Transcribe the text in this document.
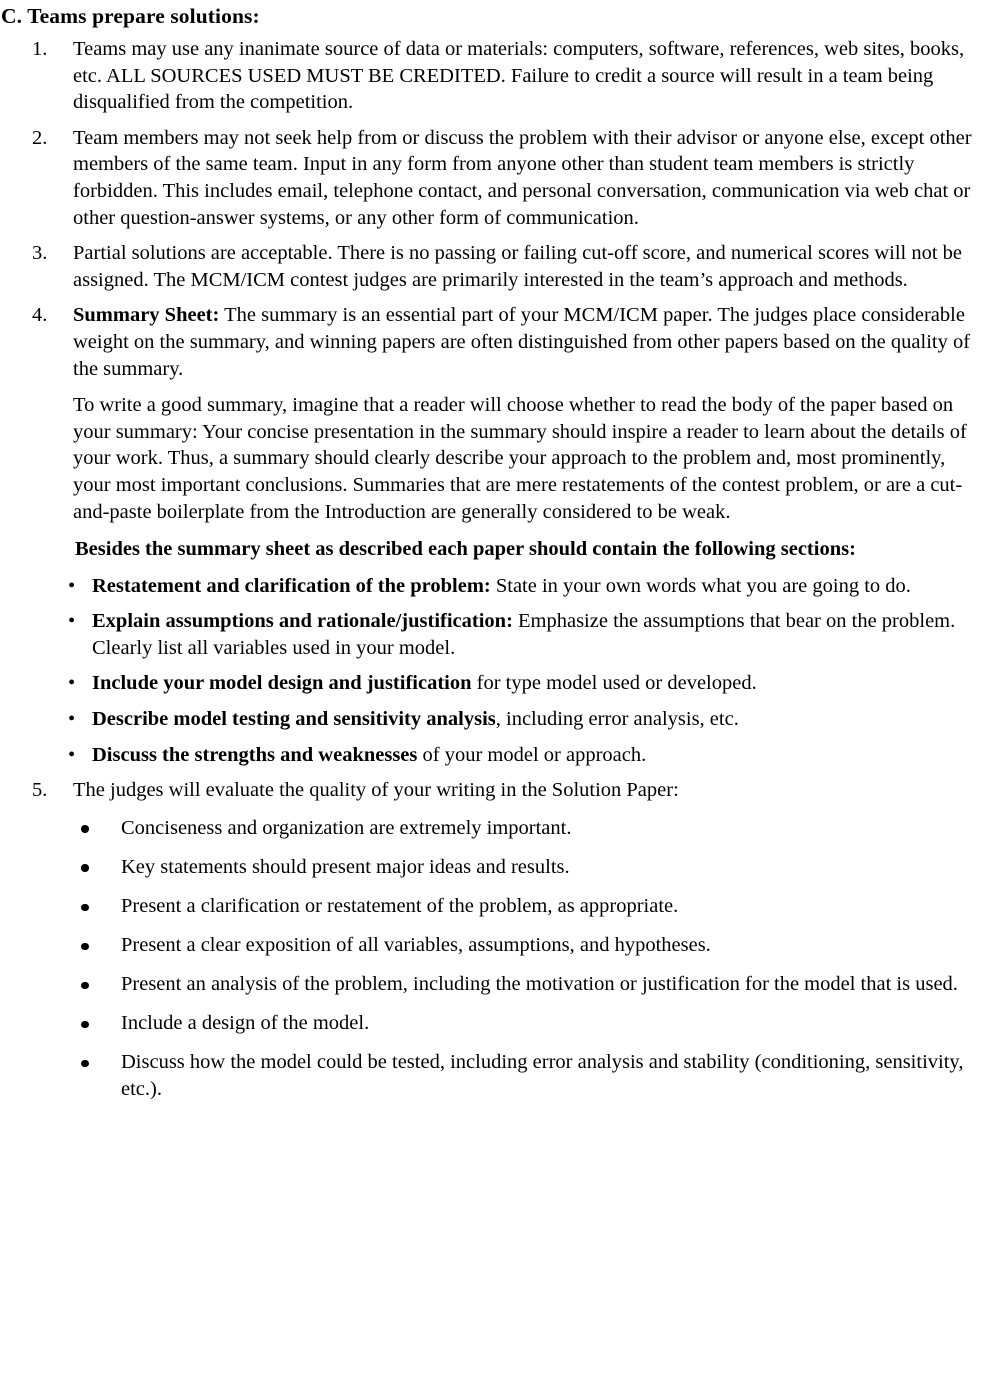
C. Teams prepare solutions:
1.	Teams may use any inanimate source of data or materials: computers, software, references, web sites, books, etc. ALL SOURCES USED MUST BE CREDITED. Failure to credit a source will result in a team being disqualified from the competition.
2.	Team members may not seek help from or discuss the problem with their advisor or anyone else, except other members of the same team. Input in any form from anyone other than student team members is strictly forbidden. This includes email, telephone contact, and personal conversation, communication via web chat or other question-answer systems, or any other form of communication.
3.	Partial solutions are acceptable. There is no passing or failing cut-off score, and numerical scores will not be assigned. The MCM/ICM contest judges are primarily interested in the team’s approach and methods.
4.	Summary Sheet: The summary is an essential part of your MCM/ICM paper. The judges place considerable weight on the summary, and winning papers are often distinguished from other papers based on the quality of the summary.
To write a good summary, imagine that a reader will choose whether to read the body of the paper based on your summary: Your concise presentation in the summary should inspire a reader to learn about the details of your work. Thus, a summary should clearly describe your approach to the problem and, most prominently, your most important conclusions. Summaries that are mere restatements of the contest problem, or are a cut-and-paste boilerplate from the Introduction are generally considered to be weak.
Besides the summary sheet as described each paper should contain the following sections:
• Restatement and clarification of the problem: State in your own words what you are going to do.
• Explain assumptions and rationale/justification: Emphasize the assumptions that bear on the problem. Clearly list all variables used in your model.
• Include your model design and justification for type model used or developed.
• Describe model testing and sensitivity analysis, including error analysis, etc.
• Discuss the strengths and weaknesses of your model or approach.
5.	The judges will evaluate the quality of your writing in the Solution Paper:
Conciseness and organization are extremely important.
Key statements should present major ideas and results.
Present a clarification or restatement of the problem, as appropriate.
Present a clear exposition of all variables, assumptions, and hypotheses.
Present an analysis of the problem, including the motivation or justification for the model that is used.
Include a design of the model.
Discuss how the model could be tested, including error analysis and stability (conditioning, sensitivity, etc.).
